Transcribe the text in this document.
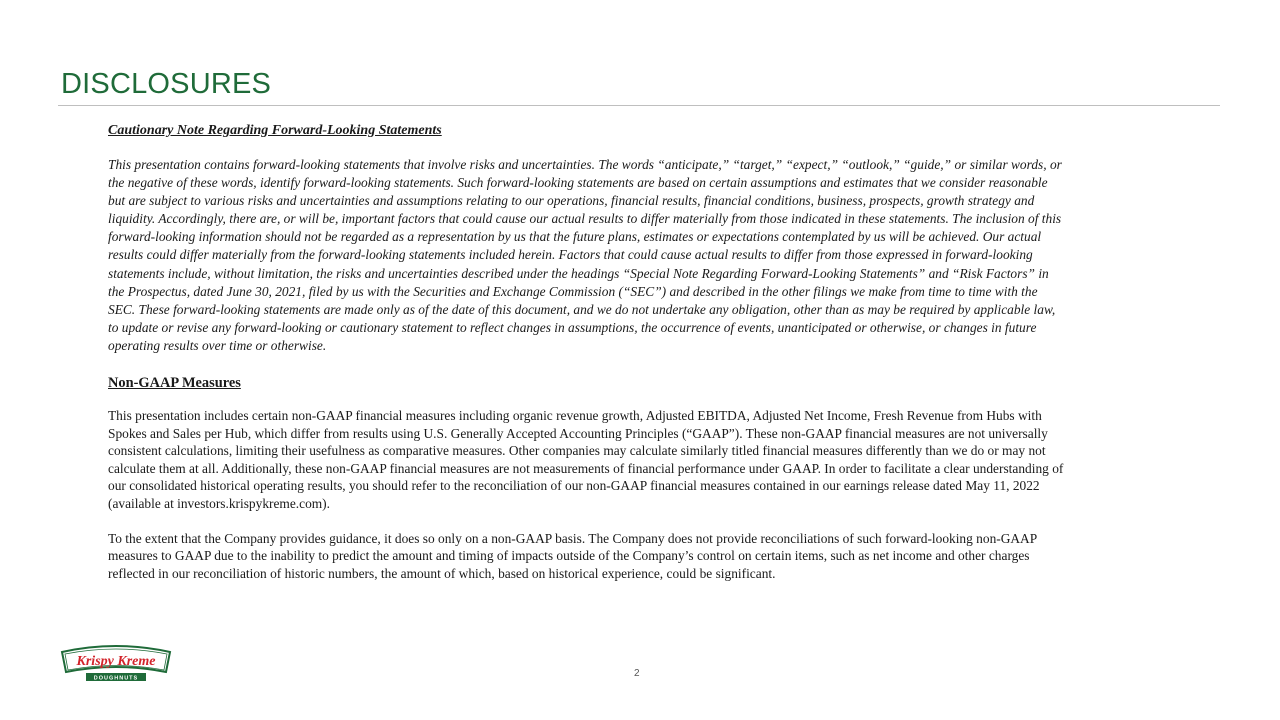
DISCLOSURES

Cautionary Note Regarding Forward-Looking Statements

This presentation contains forward-looking statements that involve risks and uncertainties. The words “anticipate,” “target,” “expect,” “outlook,” “guide,” or similar words, or the negative of these words, identify forward-looking statements. Such forward-looking statements are based on certain assumptions and estimates that we consider reasonable but are subject to various risks and uncertainties and assumptions relating to our operations, financial results, financial conditions, business, prospects, growth strategy and liquidity. Accordingly, there are, or will be, important factors that could cause our actual results to differ materially from those indicated in these statements. The inclusion of this forward-looking information should not be regarded as a representation by us that the future plans, estimates or expectations contemplated by us will be achieved. Our actual results could differ materially from the forward-looking statements included herein. Factors that could cause actual results to differ from those expressed in forward-looking statements include, without limitation, the risks and uncertainties described under the headings “Special Note Regarding Forward-Looking Statements” and “Risk Factors” in the Prospectus, dated June 30, 2021, filed by us with the Securities and Exchange Commission (“SEC”) and described in the other filings we make from time to time with the SEC. These forward-looking statements are made only as of the date of this document, and we do not undertake any obligation, other than as may be required by applicable law, to update or revise any forward-looking or cautionary statement to reflect changes in assumptions, the occurrence of events, unanticipated or otherwise, or changes in future operating results over time or otherwise.

Non-GAAP Measures

This presentation includes certain non-GAAP financial measures including organic revenue growth, Adjusted EBITDA, Adjusted Net Income, Fresh Revenue from Hubs with Spokes and Sales per Hub, which differ from results using U.S. Generally Accepted Accounting Principles (“GAAP”). These non-GAAP financial measures are not universally consistent calculations, limiting their usefulness as comparative measures. Other companies may calculate similarly titled financial measures differently than we do or may not calculate them at all. Additionally, these non-GAAP financial measures are not measurements of financial performance under GAAP. In order to facilitate a clear understanding of our consolidated historical operating results, you should refer to the reconciliation of our non-GAAP financial measures contained in our earnings release dated May 11, 2022 (available at investors.krispykreme.com).

To the extent that the Company provides guidance, it does so only on a non-GAAP basis. The Company does not provide reconciliations of such forward-looking non-GAAP measures to GAAP due to the inability to predict the amount and timing of impacts outside of the Company’s control on certain items, such as net income and other charges reflected in our reconciliation of historic numbers, the amount of which, based on historical experience, could be significant.

Krispy Kreme
DOUGHNUTS	2
